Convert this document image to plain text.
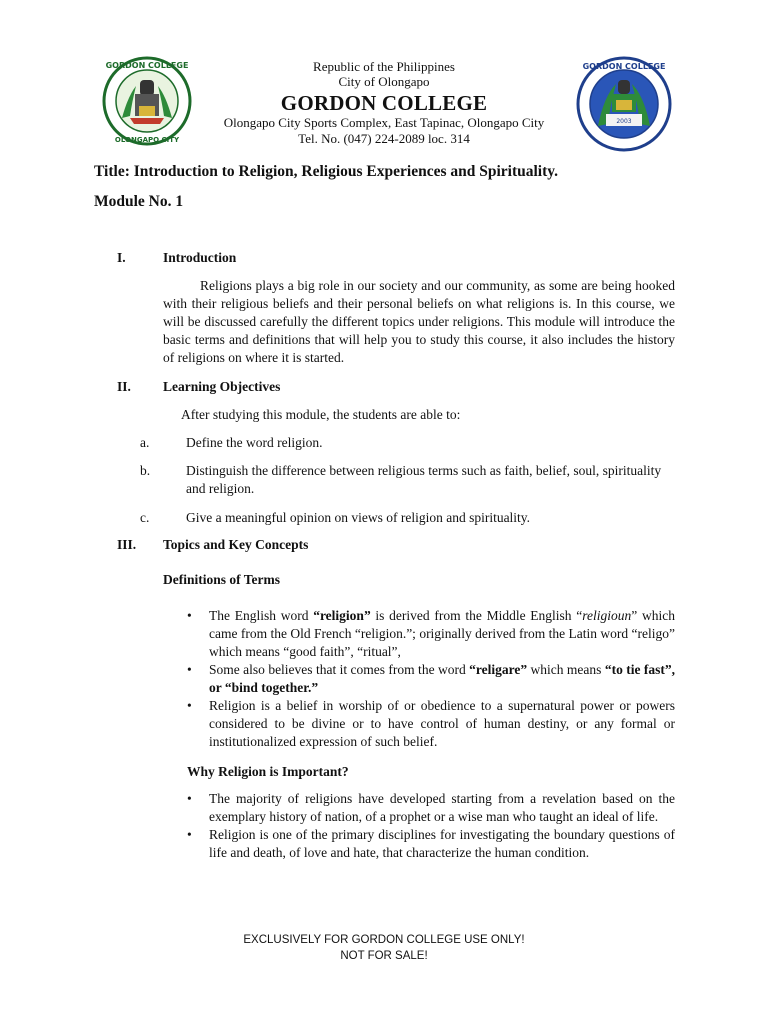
GORDON COLLEGE
OLONGAPO CITY
2003
GORDON COLLEGE
Republic of the Philippines
City of Olongapo
GORDON COLLEGE
Olongapo City Sports Complex, East Tapinac, Olongapo City
Tel. No. (047) 224-2089 loc. 314
Title: Introduction to Religion, Religious Experiences and Spirituality.
Module No. 1
I.	Introduction
Religions plays a big role in our society and our community, as some are being hooked with their religious beliefs and their personal beliefs on what religions is. In this course, we will be discussed carefully the different topics under religions. This module will introduce the basic terms and definitions that will help you to study this course, it also includes the history of religions on where it is started.
II. Learning Objectives
After studying this module, the students are able to:
a.	Define the word religion.
b.	Distinguish the difference between religious terms such as faith, belief, soul, spirituality and religion.
c.	Give a meaningful opinion on views of religion and spirituality.
III. Topics and Key Concepts
Definitions of Terms
• The English word “religion” is derived from the Middle English “religioun” which came from the Old French “religion.”; originally derived from the Latin word “religo” which means “good faith”, “ritual”,
• Some also believes that it comes from the word “religare” which means “to tie fast”, or “bind together.”
• Religion is a belief in worship of or obedience to a supernatural power or powers considered to be divine or to have control of human destiny, or any formal or institutionalized expression of such belief.
Why Religion is Important?
• The majority of religions have developed starting from a revelation based on the exemplary history of nation, of a prophet or a wise man who taught an ideal of life.
• Religion is one of the primary disciplines for investigating the boundary questions of life and death, of love and hate, that characterize the human condition.
EXCLUSIVELY FOR GORDON COLLEGE USE ONLY!
NOT FOR SALE!
